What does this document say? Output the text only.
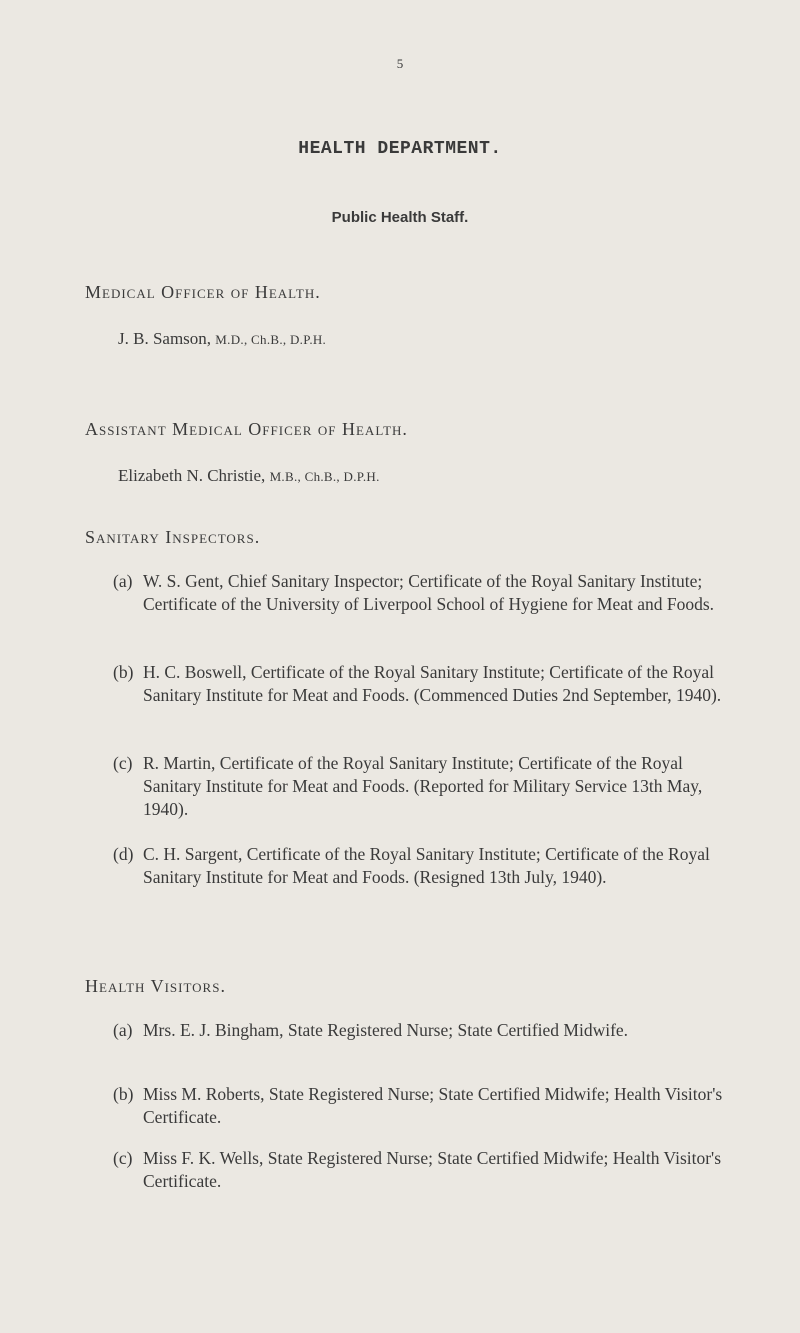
5
HEALTH DEPARTMENT.
Public Health Staff.
Medical Officer of Health.
J. B. Samson, M.D., Ch.B., D.P.H.
Assistant Medical Officer of Health.
Elizabeth N. Christie, M.B., Ch.B., D.P.H.
Sanitary Inspectors.
(a) W. S. Gent, Chief Sanitary Inspector; Certificate of the Royal Sanitary Institute; Certificate of the University of Liverpool School of Hygiene for Meat and Foods.
(b) H. C. Boswell, Certificate of the Royal Sanitary Institute; Certificate of the Royal Sanitary Institute for Meat and Foods. (Commenced Duties 2nd September, 1940).
(c) R. Martin, Certificate of the Royal Sanitary Institute; Certificate of the Royal Sanitary Institute for Meat and Foods. (Reported for Military Service 13th May, 1940).
(d) C. H. Sargent, Certificate of the Royal Sanitary Institute; Certificate of the Royal Sanitary Institute for Meat and Foods. (Resigned 13th July, 1940).
Health Visitors.
(a) Mrs. E. J. Bingham, State Registered Nurse; State Certified Midwife.
(b) Miss M. Roberts, State Registered Nurse; State Certified Midwife; Health Visitor's Certificate.
(c) Miss F. K. Wells, State Registered Nurse; State Certified Midwife; Health Visitor's Certificate.
